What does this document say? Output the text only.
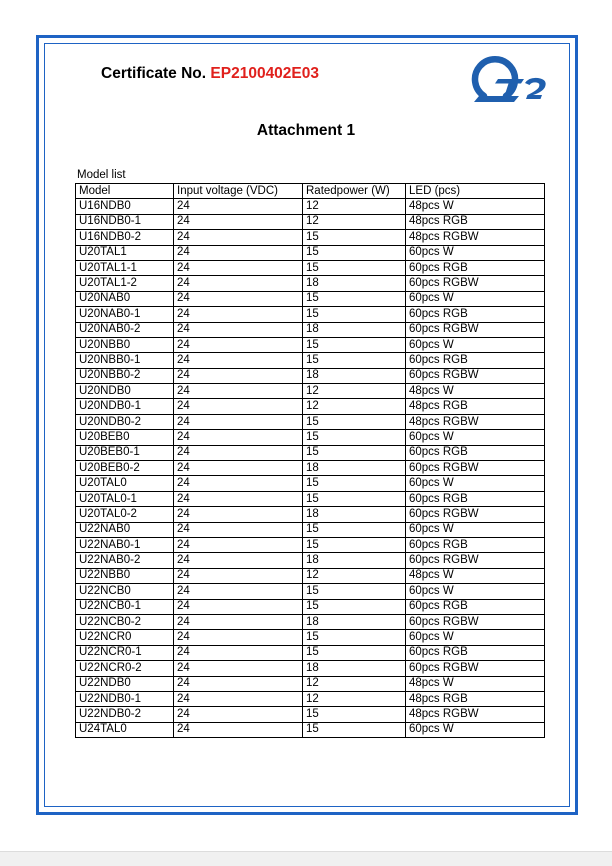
Certificate No. EP2100402E03
Attachment 1
Model list
Model	Input voltage (VDC)	Ratedpower (W)	LED (pcs)
U16NDB0	24	12	48pcs W
U16NDB0-1	24	12	48pcs RGB
U16NDB0-2	24	15	48pcs RGBW
U20TAL1	24	15	60pcs W
U20TAL1-1	24	15	60pcs RGB
U20TAL1-2	24	18	60pcs RGBW
U20NAB0	24	15	60pcs W
U20NAB0-1	24	15	60pcs RGB
U20NAB0-2	24	18	60pcs RGBW
U20NBB0	24	15	60pcs W
U20NBB0-1	24	15	60pcs RGB
U20NBB0-2	24	18	60pcs RGBW
U20NDB0	24	12	48pcs W
U20NDB0-1	24	12	48pcs RGB
U20NDB0-2	24	15	48pcs RGBW
U20BEB0	24	15	60pcs W
U20BEB0-1	24	15	60pcs RGB
U20BEB0-2	24	18	60pcs RGBW
U20TAL0	24	15	60pcs W
U20TAL0-1	24	15	60pcs RGB
U20TAL0-2	24	18	60pcs RGBW
U22NAB0	24	15	60pcs W
U22NAB0-1	24	15	60pcs RGB
U22NAB0-2	24	18	60pcs RGBW
U22NBB0	24	12	48pcs W
U22NCB0	24	15	60pcs W
U22NCB0-1	24	15	60pcs RGB
U22NCB0-2	24	18	60pcs RGBW
U22NCR0	24	15	60pcs W
U22NCR0-1	24	15	60pcs RGB
U22NCR0-2	24	18	60pcs RGBW
U22NDB0	24	12	48pcs W
U22NDB0-1	24	12	48pcs RGB
U22NDB0-2	24	15	48pcs RGBW
U24TAL0	24	15	60pcs W
